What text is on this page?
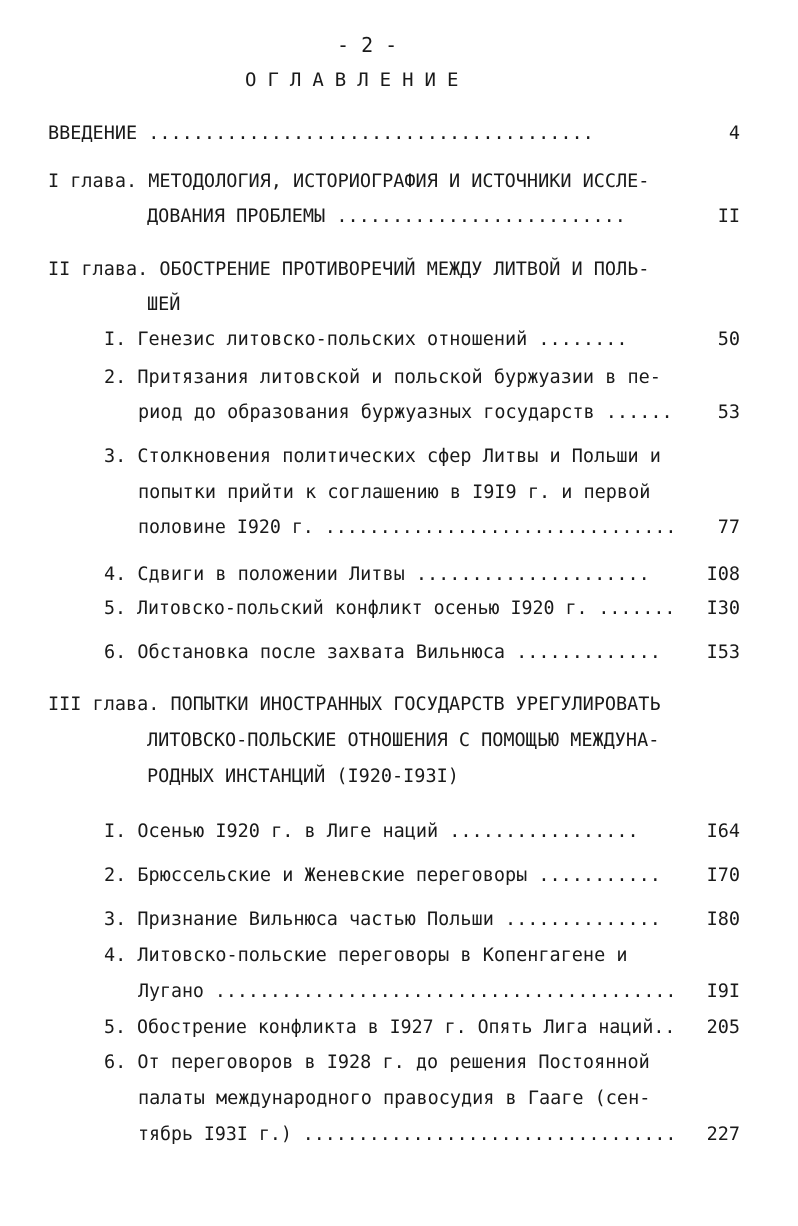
- 2 -
ОГЛАВЛЕНИЕ
ВВЕДЕНИЕ ........................................	4
I глава. МЕТОДОЛОГИЯ, ИСТОРИОГРАФИЯ И ИСТОЧНИКИ ИССЛЕ-
ДОВАНИЯ ПРОБЛЕМЫ ..........................	II
II глава. ОБОСТРЕНИЕ ПРОТИВОРЕЧИЙ МЕЖДУ ЛИТВОЙ И ПОЛЬ-
ШЕЙ
I. Генезис литовско-польских отношений ........	50
2. Притязания литовской и польской буржуазии в пе-
риод до образования буржуазных государств ...... 53
3. Столкновения политических сфер Литвы и Польши и
попытки прийти к соглашению в I9I9 г. и первой
половине I920 г. ................................ 77
4. Сдвиги в положении Литвы .....................	I08
5. Литовско-польский конфликт осенью I920 г. ....... I30
6. Обстановка после захвата Вильнюса ............. I53
III глава. ПОПЫТКИ ИНОСТРАННЫХ ГОСУДАРСТВ УРЕГУЛИРОВАТЬ
ЛИТОВСКО-ПОЛЬСКИЕ ОТНОШЕНИЯ С ПОМОЩЬЮ МЕЖДУНА-
РОДНЫХ ИНСТАНЦИЙ (I920-I93I)
I. Осенью I920 г. в Лиге наций .................	I64
2. Брюссельские и Женевские переговоры ........... I70
3. Признание Вильнюса частью Польши .............. I80
4. Литовско-польские переговоры в Копенгагене и
Лугано .......................................... I9I
5. Обострение конфликта в I927 г. Опять Лига наций.. 205
6. От переговоров в I928 г. до решения Постоянной
палаты международного правосудия в Гааге (сен-
тябрь I93I г.) .................................. 227
